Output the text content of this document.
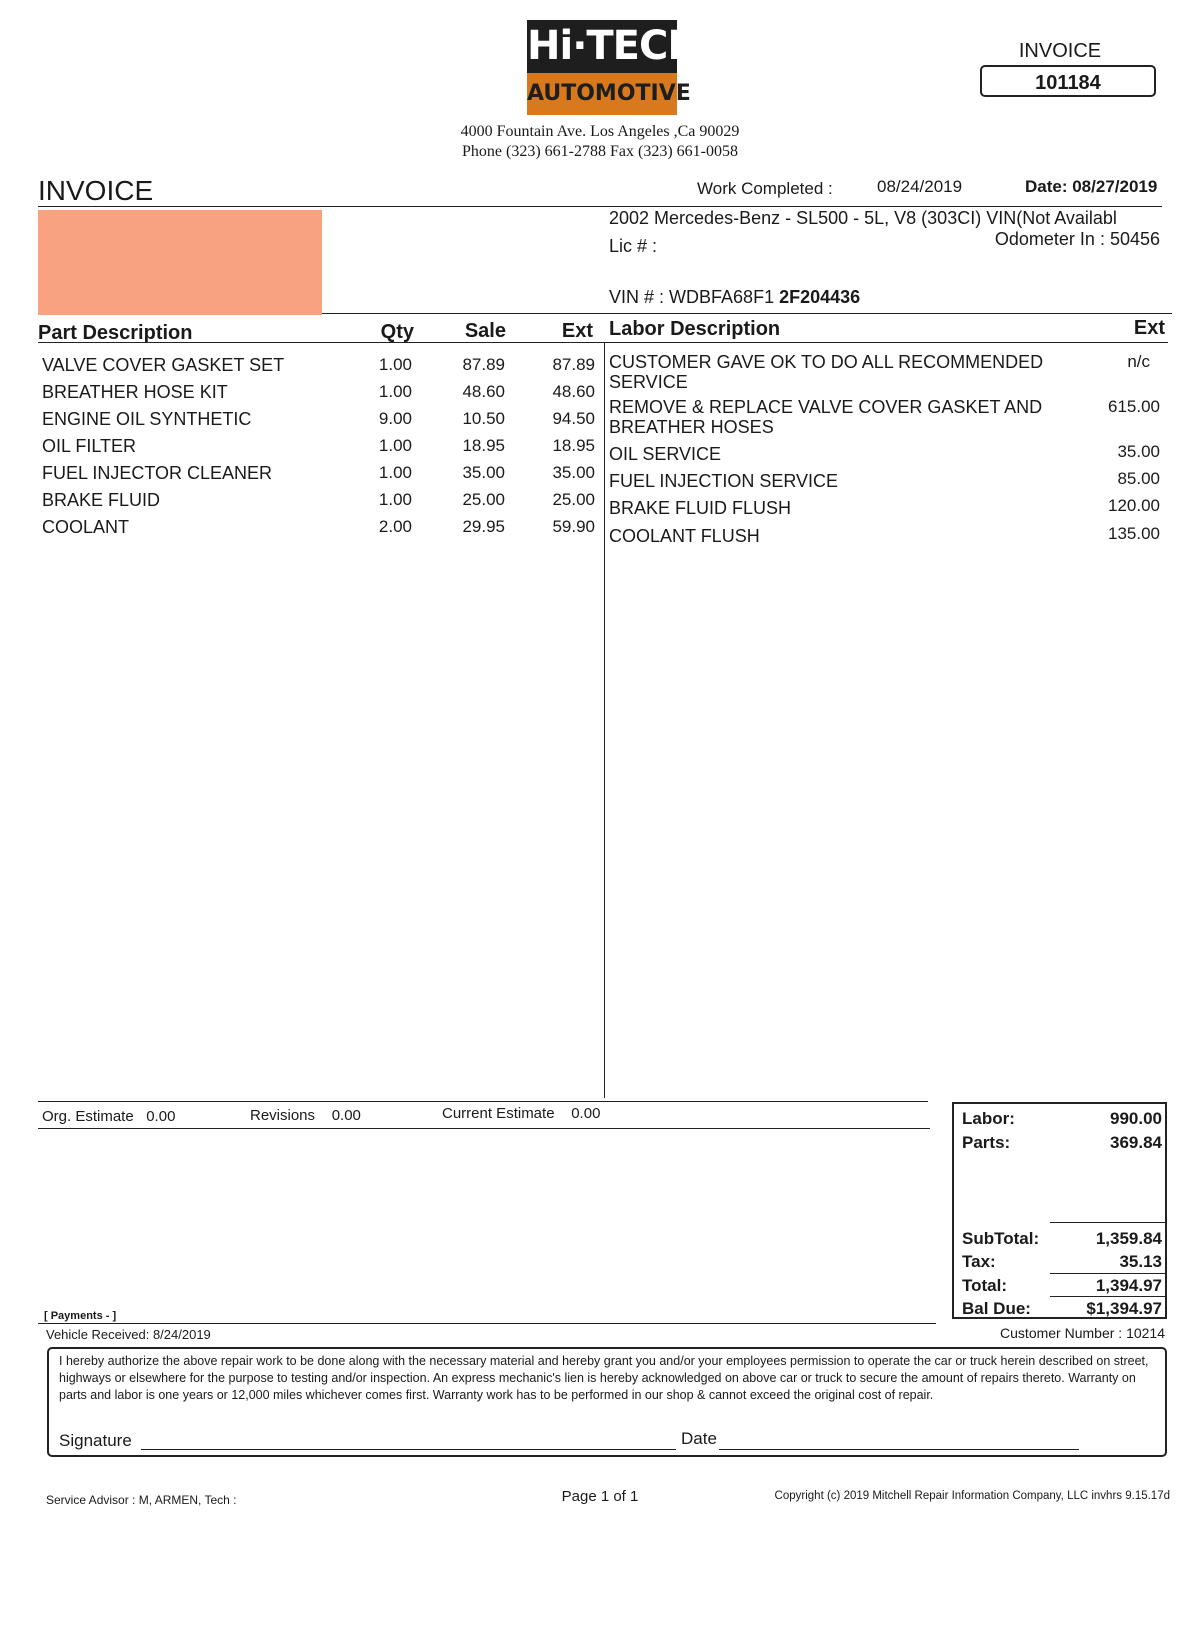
Hi·TECH
AUTOMOTIVE
4000 Fountain Ave. Los Angeles ,Ca 90029
Phone (323) 661-2788 Fax (323) 661-0058
INVOICE
101184
INVOICE	Work Completed :	08/24/2019	Date: 08/27/2019
2002 Mercedes-Benz - SL500 - 5L, V8 (303CI) VIN(Not Availabl
Lic # :	Odometer In : 50456
VIN # : WDBFA68F1 2F204436
Part Description	Qty	Sale	Ext Labor Description	Ext
VALVE COVER GASKET SET	1.00	87.89	87.89
BREATHER HOSE KIT	1.00	48.60	48.60
ENGINE OIL SYNTHETIC	9.00	10.50	94.50
OIL FILTER	1.00	18.95	18.95
FUEL INJECTOR CLEANER	1.00	35.00	35.00
BRAKE FLUID	1.00	25.00	25.00
COOLANT	2.00	29.95	59.90
CUSTOMER GAVE OK TO DO ALL RECOMMENDED
SERVICE
n/c
REMOVE & REPLACE VALVE COVER GASKET AND
BREATHER HOSES
615.00
OIL SERVICE	35.00
FUEL INJECTION SERVICE	85.00
BRAKE FLUID FLUSH	120.00
COOLANT FLUSH	135.00
Org. Estimate 0.00	Revisions 0.00	Current Estimate 0.00	Labor:	990.00
Parts:	369.84
SubTotal:	1,359.84
Tax:	35.13
Total:	1,394.97
Bal Due:	$1,394.97
[ Payments - ]
Vehicle Received: 8/24/2019	Customer Number : 10214
I hereby authorize the above repair work to be done along with the necessary material and hereby grant you and/or your employees permission to operate the car or truck herein described on street, highways or elsewhere for the purpose to testing and/or inspection. An express mechanic's lien is hereby acknowledged on above car or truck to secure the amount of repairs thereto. Warranty on parts and labor is one years or 12,000 miles whichever comes first. Warranty work has to be performed in our shop & cannot exceed the original cost of repair.
Signature	Date
Service Advisor : M, ARMEN, Tech :	Page 1 of 1	Copyright (c) 2019 Mitchell Repair Information Company, LLC invhrs 9.15.17d
